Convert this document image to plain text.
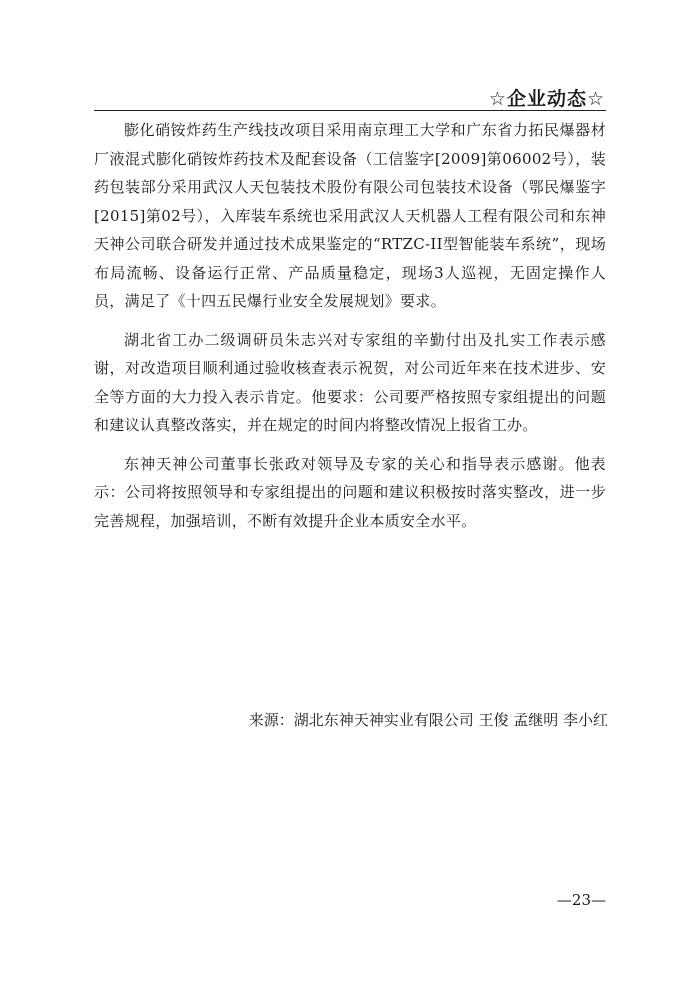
☆企业动态☆

膨化硝铵炸药生产线技改项目采用南京理工大学和广东省力拓民爆器材厂液混式膨化硝铵炸药技术及配套设备（工信鉴字[2009]第06002号），装药包装部分采用武汉人天包装技术股份有限公司包装技术设备（鄂民爆鉴字[2015]第02号），入库装车系统也采用武汉人天机器人工程有限公司和东神天神公司联合研发并通过技术成果鉴定的“RTZC-II型智能装车系统”，现场布局流畅、设备运行正常、产品质量稳定，现场3人巡视，无固定操作人员，满足了《十四五民爆行业安全发展规划》要求。

湖北省工办二级调研员朱志兴对专家组的辛勤付出及扎实工作表示感谢，对改造项目顺利通过验收核查表示祝贺，对公司近年来在技术进步、安全等方面的大力投入表示肯定。他要求：公司要严格按照专家组提出的问题和建议认真整改落实，并在规定的时间内将整改情况上报省工办。

东神天神公司董事长张政对领导及专家的关心和指导表示感谢。他表示：公司将按照领导和专家组提出的问题和建议积极按时落实整改，进一步完善规程，加强培训，不断有效提升企业本质安全水平。

来源：湖北东神天神实业有限公司 王俊 孟继明 李小红
—23—
